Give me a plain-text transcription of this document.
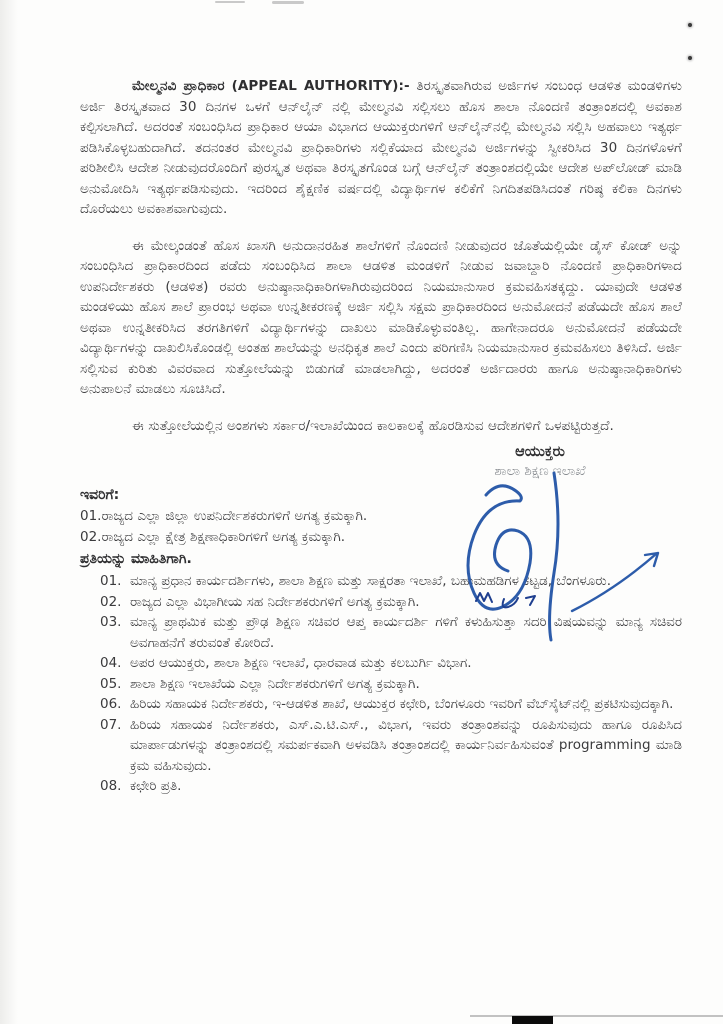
ಮೇಲ್ಮನವಿ ಪ್ರಾಧಿಕಾರ (APPEAL AUTHORITY):- ತಿರಸ್ಕೃತವಾಗಿರುವ ಅರ್ಜಿಗಳ ಸಂಬಂಧ ಆಡಳಿತ ಮಂಡಳಿಗಳು ಅರ್ಜಿ ತಿರಸ್ಕೃತವಾದ 30 ದಿನಗಳ ಒಳಗೆ ಆನ್‌ಲೈನ್ ನಲ್ಲಿ ಮೇಲ್ಮನವಿ ಸಲ್ಲಿಸಲು ಹೊಸ ಶಾಲಾ ನೊಂದಣಿ ತಂತ್ರಾಂಶದಲ್ಲಿ ಅವಕಾಶ ಕಲ್ಪಿಸಲಾಗಿದೆ. ಅದರಂತೆ ಸಂಬಂಧಿಸಿದ ಪ್ರಾಧಿಕಾರ ಆಯಾ ವಿಭಾಗದ ಆಯುಕ್ತರುಗಳಿಗೆ ಆನ್‌ಲೈನ್‌ನಲ್ಲಿ ಮೇಲ್ಮನವಿ ಸಲ್ಲಿಸಿ ಅಹವಾಲು ಇತ್ಯರ್ಥ ಪಡಿಸಿಕೊಳ್ಳಬಹುದಾಗಿದೆ. ತದನಂತರ ಮೇಲ್ಮನವಿ ಪ್ರಾಧಿಕಾರಿಗಳು ಸಲ್ಲಿಕೆಯಾದ ಮೇಲ್ಮನವಿ ಅರ್ಜಿಗಳನ್ನು ಸ್ವೀಕರಿಸಿದ 30 ದಿನಗಳೊಳಗೆ ಪರಿಶೀಲಿಸಿ ಆದೇಶ ನೀಡುವುದರೊಂದಿಗೆ ಪುರಸ್ಕೃತ ಅಥವಾ ತಿರಸ್ಕೃತಗೊಂಡ ಬಗ್ಗೆ ಆನ್‌ಲೈನ್ ತಂತ್ರಾಂಶದಲ್ಲಿಯೇ ಆದೇಶ ಅಪ್‌ಲೋಡ್ ಮಾಡಿ ಅನುಮೋದಿಸಿ ಇತ್ಯರ್ಥಪಡಿಸುವುದು. ಇದರಿಂದ ಶೈಕ್ಷಣಿಕ ವರ್ಷದಲ್ಲಿ ವಿದ್ಯಾರ್ಥಿಗಳ ಕಲಿಕೆಗೆ ನಿಗದಿತಪಡಿಸಿದಂತೆ ಗರಿಷ್ಠ ಕಲಿಕಾ ದಿನಗಳು ದೊರೆಯಲು ಅವಕಾಶವಾಗುವುದು.

ಈ ಮೇಲ್ಕಂಡಂತೆ ಹೊಸ ಖಾಸಗಿ ಅನುದಾನರಹಿತ ಶಾಲೆಗಳಿಗೆ ನೊಂದಣಿ ನೀಡುವುದರ ಜೊತೆಯಲ್ಲಿಯೇ ಡೈಸ್ ಕೋಡ್ ಅನ್ನು ಸಂಬಂಧಿಸಿದ ಪ್ರಾಧಿಕಾರದಿಂದ ಪಡೆದು ಸಂಬಂಧಿಸಿದ ಶಾಲಾ ಆಡಳಿತ ಮಂಡಳಿಗೆ ನೀಡುವ ಜವಾಬ್ದಾರಿ ನೊಂದಣಿ ಪ್ರಾಧಿಕಾರಿಗಳಾದ ಉಪನಿರ್ದೇಶಕರು (ಆಡಳಿತ) ರವರು ಅನುಷ್ಠಾನಾಧಿಕಾರಿಗಳಾಗಿರುವುದರಿಂದ ನಿಯಮಾನುಸಾರ ಕ್ರಮವಹಿಸತಕ್ಕದ್ದು. ಯಾವುದೇ ಆಡಳಿತ ಮಂಡಳಿಯು ಹೊಸ ಶಾಲೆ ಪ್ರಾರಂಭ ಅಥವಾ ಉನ್ನತೀಕರಣಕ್ಕೆ ಅರ್ಜಿ ಸಲ್ಲಿಸಿ ಸಕ್ಷಮ ಪ್ರಾಧಿಕಾರದಿಂದ ಅನುಮೋದನೆ ಪಡೆಯದೇ ಹೊಸ ಶಾಲೆ ಅಥವಾ ಉನ್ನತೀಕರಿಸಿದ ತರಗತಿಗಳಿಗೆ ವಿದ್ಯಾರ್ಥಿಗಳನ್ನು ದಾಖಲು ಮಾಡಿಕೊಳ್ಳುವಂತಿಲ್ಲ. ಹಾಗೇನಾದರೂ ಅನುಮೋದನೆ ಪಡೆಯದೇ ವಿದ್ಯಾರ್ಥಿಗಳನ್ನು ದಾಖಲಿಸಿಕೊಂಡಲ್ಲಿ ಅಂತಹ ಶಾಲೆಯನ್ನು ಅನಧಿಕೃತ ಶಾಲೆ ಎಂದು ಪರಿಗಣಿಸಿ ನಿಯಮಾನುಸಾರ ಕ್ರಮವಹಿಸಲು ತಿಳಿಸಿದೆ. ಅರ್ಜಿ ಸಲ್ಲಿಸುವ ಕುರಿತು ವಿವರವಾದ ಸುತ್ತೋಲೆಯನ್ನು ಬಿಡುಗಡೆ ಮಾಡಲಾಗಿದ್ದು, ಅದರಂತೆ ಅರ್ಜಿದಾರರು ಹಾಗೂ ಅನುಷ್ಠಾನಾಧಿಕಾರಿಗಳು ಅನುಪಾಲನೆ ಮಾಡಲು ಸೂಚಿಸಿದೆ.

ಈ ಸುತ್ತೋಲೆಯಲ್ಲಿನ ಅಂಶಗಳು ಸರ್ಕಾರ/ಇಲಾಖೆಯಿಂದ ಕಾಲಕಾಲಕ್ಕೆ ಹೊರಡಿಸುವ ಆದೇಶಗಳಿಗೆ ಒಳಪಟ್ಟಿರುತ್ತದೆ.

ಆಯುಕ್ತರು
ಶಾಲಾ ಶಿಕ್ಷಣ ಇಲಾಖೆ
ಇವರಿಗೆ:
01.ರಾಜ್ಯದ ಎಲ್ಲಾ ಜಿಲ್ಲಾ ಉಪನಿರ್ದೇಶಕರುಗಳಿಗೆ ಅಗತ್ಯ ಕ್ರಮಕ್ಕಾಗಿ.
02.ರಾಜ್ಯದ ಎಲ್ಲಾ ಕ್ಷೇತ್ರ ಶಿಕ್ಷಣಾಧಿಕಾರಿಗಳಿಗೆ ಅಗತ್ಯ ಕ್ರಮಕ್ಕಾಗಿ.
ಪ್ರತಿಯನ್ನು ಮಾಹಿತಿಗಾಗಿ.
01. ಮಾನ್ಯ ಪ್ರಧಾನ ಕಾರ್ಯದರ್ಶಿಗಳು, ಶಾಲಾ ಶಿಕ್ಷಣ ಮತ್ತು ಸಾಕ್ಷರತಾ ಇಲಾಖೆ, ಬಹುಮಹಡಿಗಳ ಕಟ್ಟಡ, ಬೆಂಗಳೂರು.
02. ರಾಜ್ಯದ ಎಲ್ಲಾ ವಿಭಾಗೀಯ ಸಹ ನಿರ್ದೇಶಕರುಗಳಿಗೆ ಅಗತ್ಯ ಕ್ರಮಕ್ಕಾಗಿ.
03. ಮಾನ್ಯ ಪ್ರಾಥಮಿಕ ಮತ್ತು ಪ್ರೌಢ ಶಿಕ್ಷಣ ಸಚಿವರ ಆಪ್ತ ಕಾರ್ಯದರ್ಶಿ ಗಳಿಗೆ ಕಳುಹಿಸುತ್ತಾ ಸದರಿ ವಿಷಯವನ್ನು ಮಾನ್ಯ ಸಚಿವರ ಅವಗಾಹನೆಗೆ ತರುವಂತೆ ಕೋರಿದೆ.
04. ಅಪರ ಆಯುಕ್ತರು, ಶಾಲಾ ಶಿಕ್ಷಣ ಇಲಾಖೆ, ಧಾರವಾಡ ಮತ್ತು ಕಲಬುರ್ಗಿ ವಿಭಾಗ.
05. ಶಾಲಾ ಶಿಕ್ಷಣ ಇಲಾಖೆಯ ಎಲ್ಲಾ ನಿರ್ದೇಶಕರುಗಳಿಗೆ ಅಗತ್ಯ ಕ್ರಮಕ್ಕಾಗಿ.
06. ಹಿರಿಯ ಸಹಾಯಕ ನಿರ್ದೇಶಕರು, ಇ-ಆಡಳಿತ ಶಾಖೆ, ಆಯುಕ್ತರ ಕಛೇರಿ, ಬೆಂಗಳೂರು ಇವರಿಗೆ ವೆಬ್‌ಸೈಟ್‌ನಲ್ಲಿ ಪ್ರಕಟಿಸುವುದಕ್ಕಾಗಿ.
07. ಹಿರಿಯ ಸಹಾಯಕ ನಿರ್ದೇಶಕರು, ಎಸ್.ಎ.ಟಿ.ಎಸ್., ವಿಭಾಗ, ಇವರು ತಂತ್ರಾಂಶವನ್ನು ರೂಪಿಸುವುದು ಹಾಗೂ ರೂಪಿಸಿದ ಮಾರ್ಪಾಡುಗಳನ್ನು ತಂತ್ರಾಂಶದಲ್ಲಿ ಸಮರ್ಪಕವಾಗಿ ಅಳವಡಿಸಿ ತಂತ್ರಾಂಶದಲ್ಲಿ ಕಾರ್ಯನಿರ್ವಹಿಸುವಂತೆ programming ಮಾಡಿ ಕ್ರಮ ವಹಿಸುವುದು.
08. ಕಛೇರಿ ಪ್ರತಿ.
